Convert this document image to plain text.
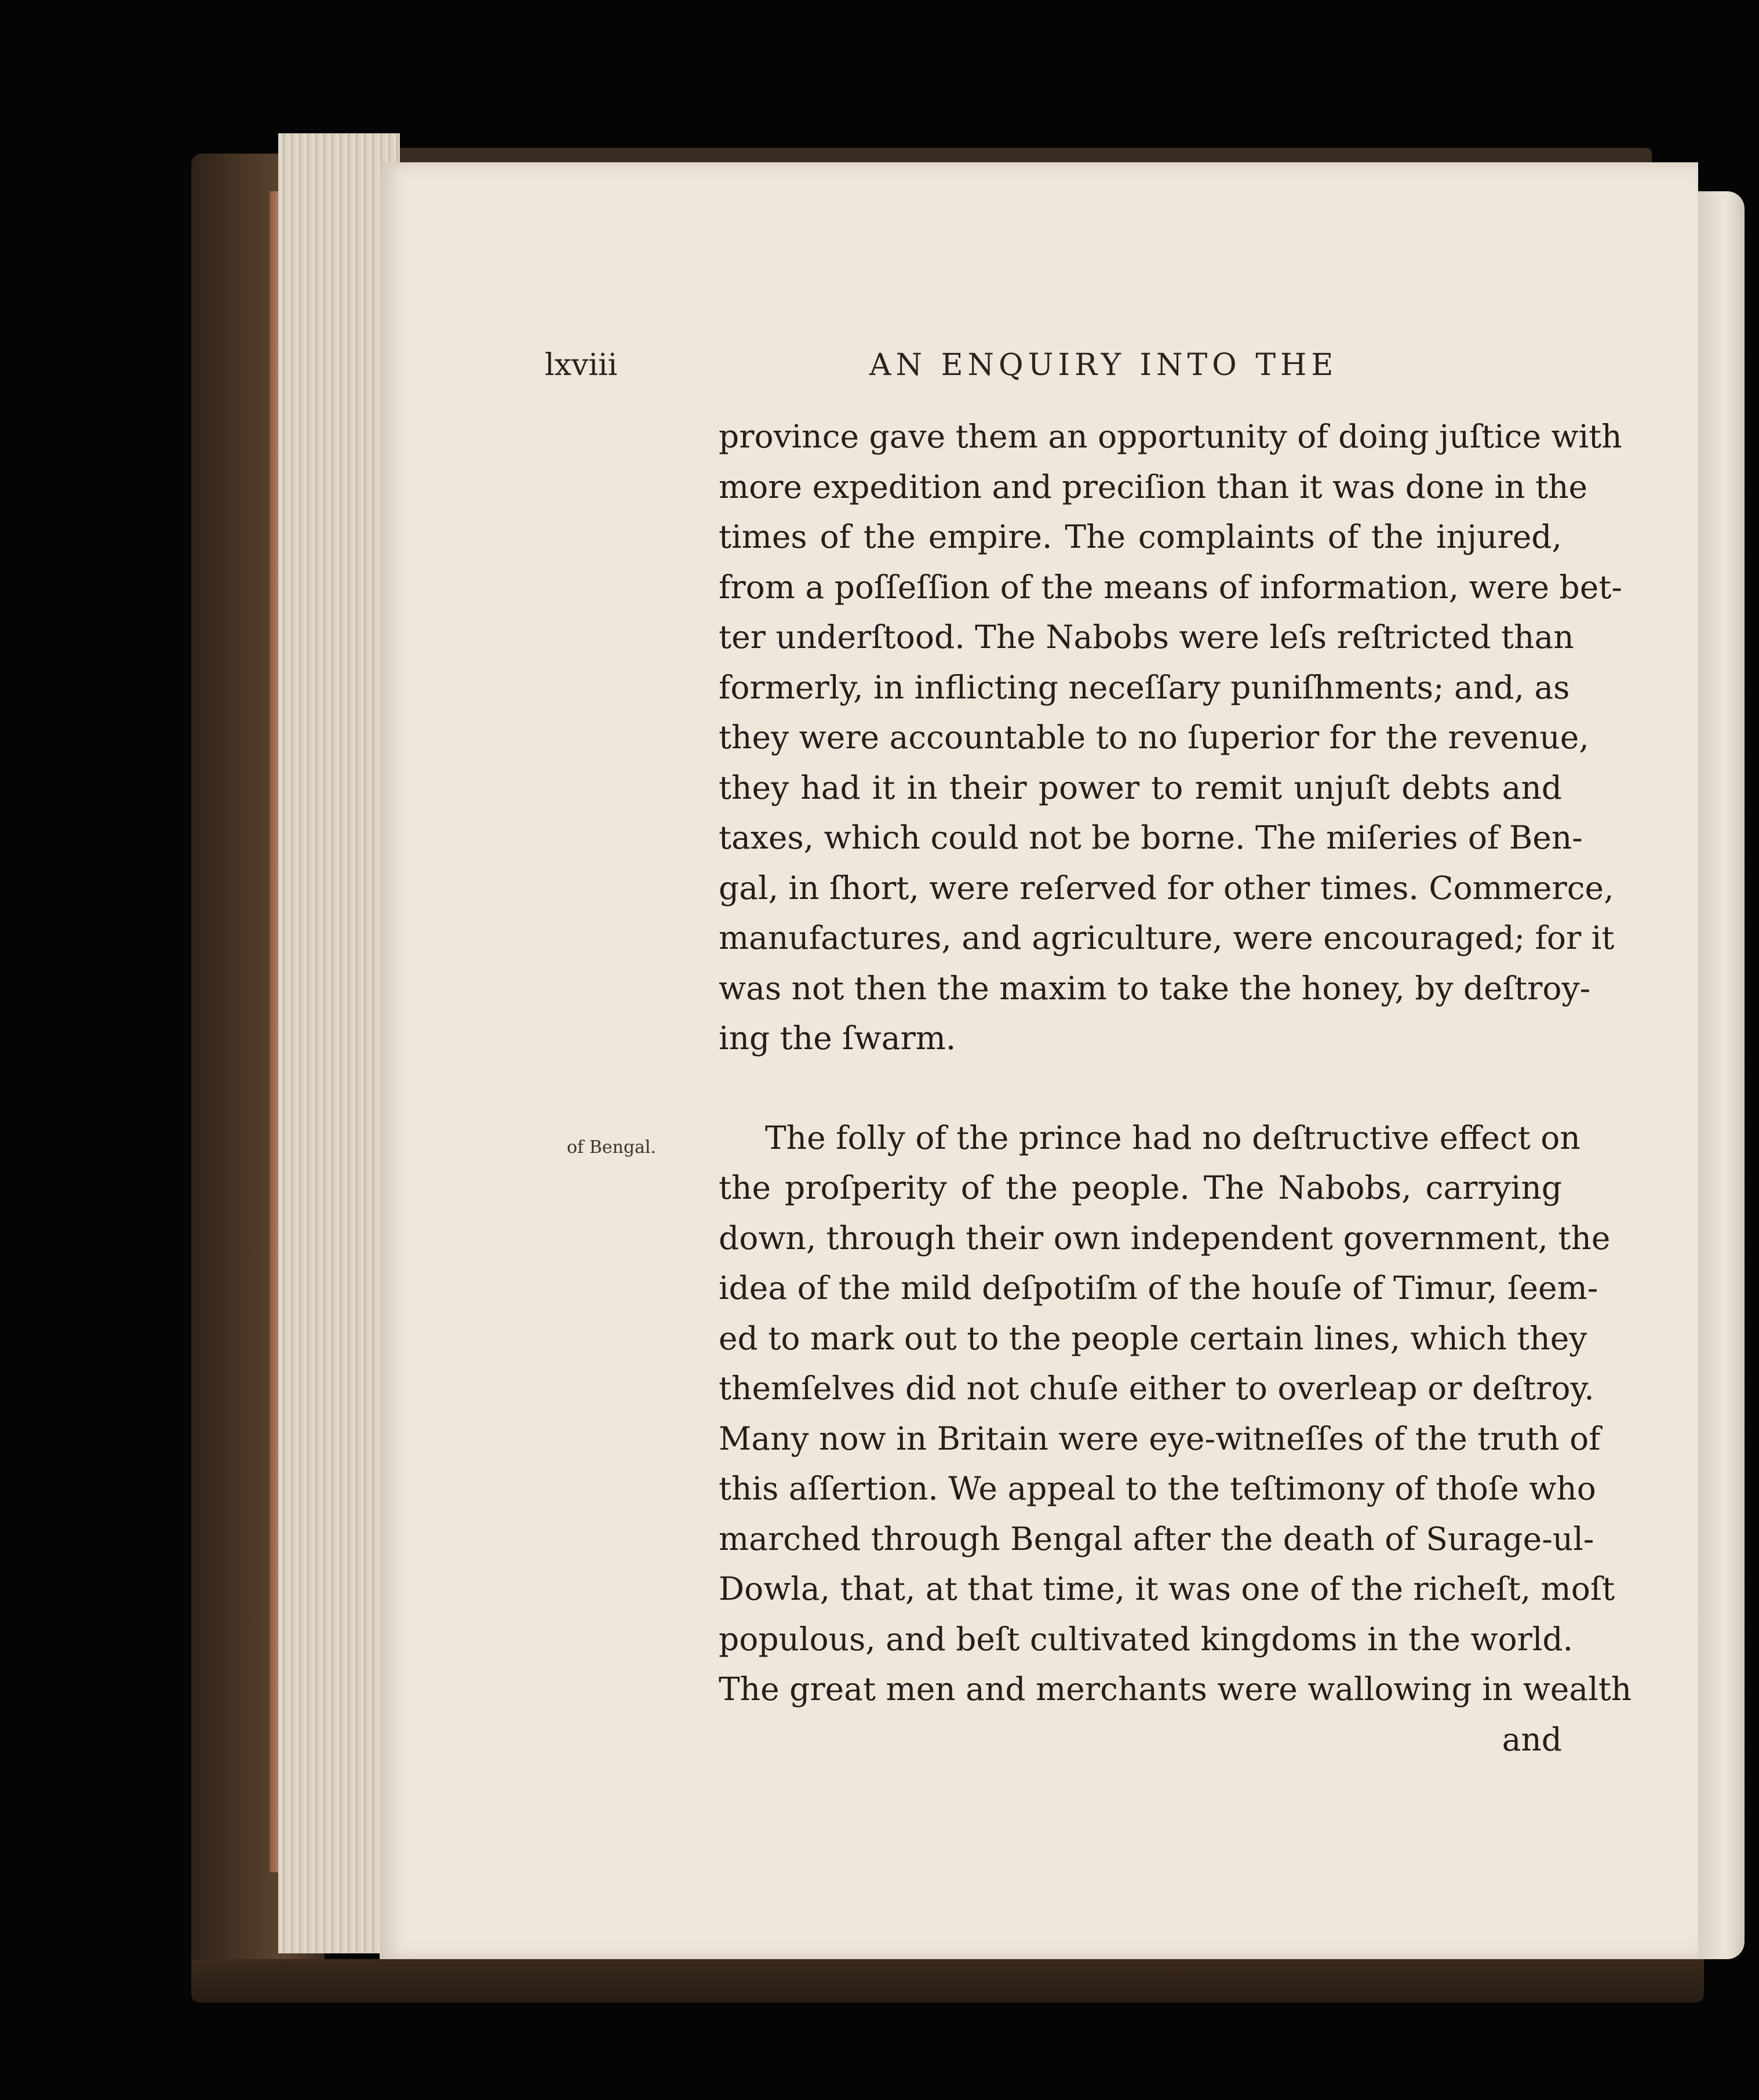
lxviii	AN ENQUIRY INTO THE
of Bengal.
province gave them an opportunity of doing juſtice with
more expedition and preciſion than it was done in the
times of the empire. The complaints of the injured,
from a poſſeſſion of the means of information, were bet-
ter underſtood. The Nabobs were leſs reſtricted than
formerly, in inflicting neceſſary puniſhments; and, as
they were accountable to no ſuperior for the revenue,
they had it in their power to remit unjuſt debts and
taxes, which could not be borne. The miſeries of Ben-
gal, in ſhort, were reſerved for other times. Commerce,
manufactures, and agriculture, were encouraged; for it
was not then the maxim to take the honey, by deſtroy-
ing the ſwarm.
The folly of the prince had no deſtructive effect on
the proſperity of the people. The Nabobs, carrying
down, through their own independent government, the
idea of the mild deſpotiſm of the houſe of Timur, ſeem-
ed to mark out to the people certain lines, which they
themſelves did not chuſe either to overleap or deſtroy.
Many now in Britain were eye-witneſſes of the truth of
this aſſertion. We appeal to the teſtimony of thoſe who
marched through Bengal after the death of Surage-ul-
Dowla, that, at that time, it was one of the richeſt, moſt
populous, and beſt cultivated kingdoms in the world.
The great men and merchants were wallowing in wealth
and
